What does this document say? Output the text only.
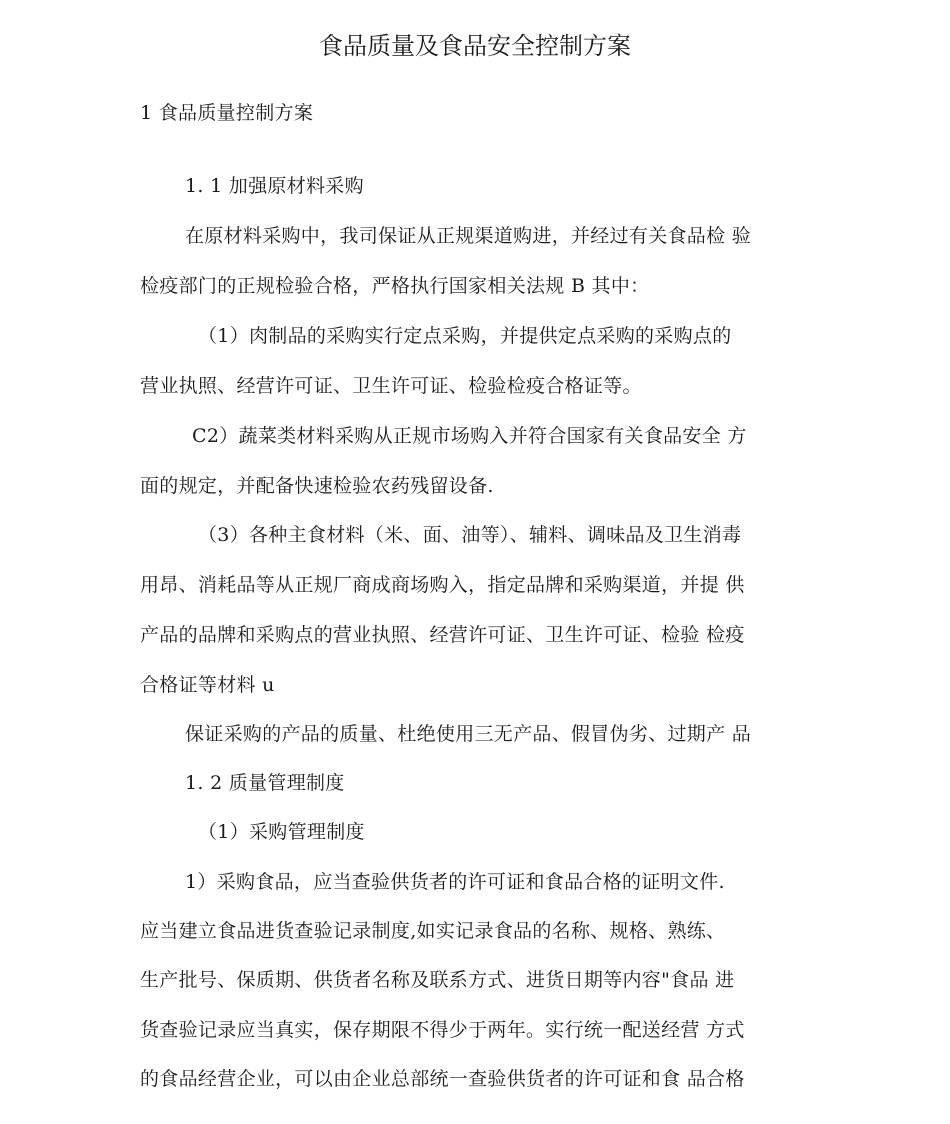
食品质量及食品安全控制方案
1 食品质量控制方案
1. 1 加强原材料采购
在原材料采购中，我司保证从正规渠道购进，并经过有关食品检 验
检疫部门的正规检验合格，严格执行国家相关法规 B 其中：
（1）肉制品的采购实行定点采购，并提供定点采购的采购点的
营业执照、经营许可证、卫生许可证、检验检疫合格证等。
C2）蔬菜类材料采购从正规市场购入并符合国家有关食品安全 方
面的规定，并配备快速检验农药残留设备.
（3）各种主食材料（米、面、油等）、辅料、调味品及卫生消毒
用昂、消耗品等从正规厂商成商场购入，指定品牌和采购渠道，并提 供
产品的品牌和采购点的营业执照、经营许可证、卫生许可证、检验 检疫
合格证等材料 u
保证采购的产品的质量、杜绝使用三无产品、假冒伪劣、过期产 品
1. 2 质量管理制度
（1）采购管理制度
1）采购食品，应当查验供货者的许可证和食品合格的证明文件.
应当建立食品进货查验记录制度,如实记录食品的名称、规格、熟练、
生产批号、保质期、供货者名称及联系方式、进货日期等内容"食品 进
货查验记录应当真实，保存期限不得少于两年。实行统一配送经营 方式
的食品经营企业，可以由企业总部统一查验供货者的许可证和食 品合格
